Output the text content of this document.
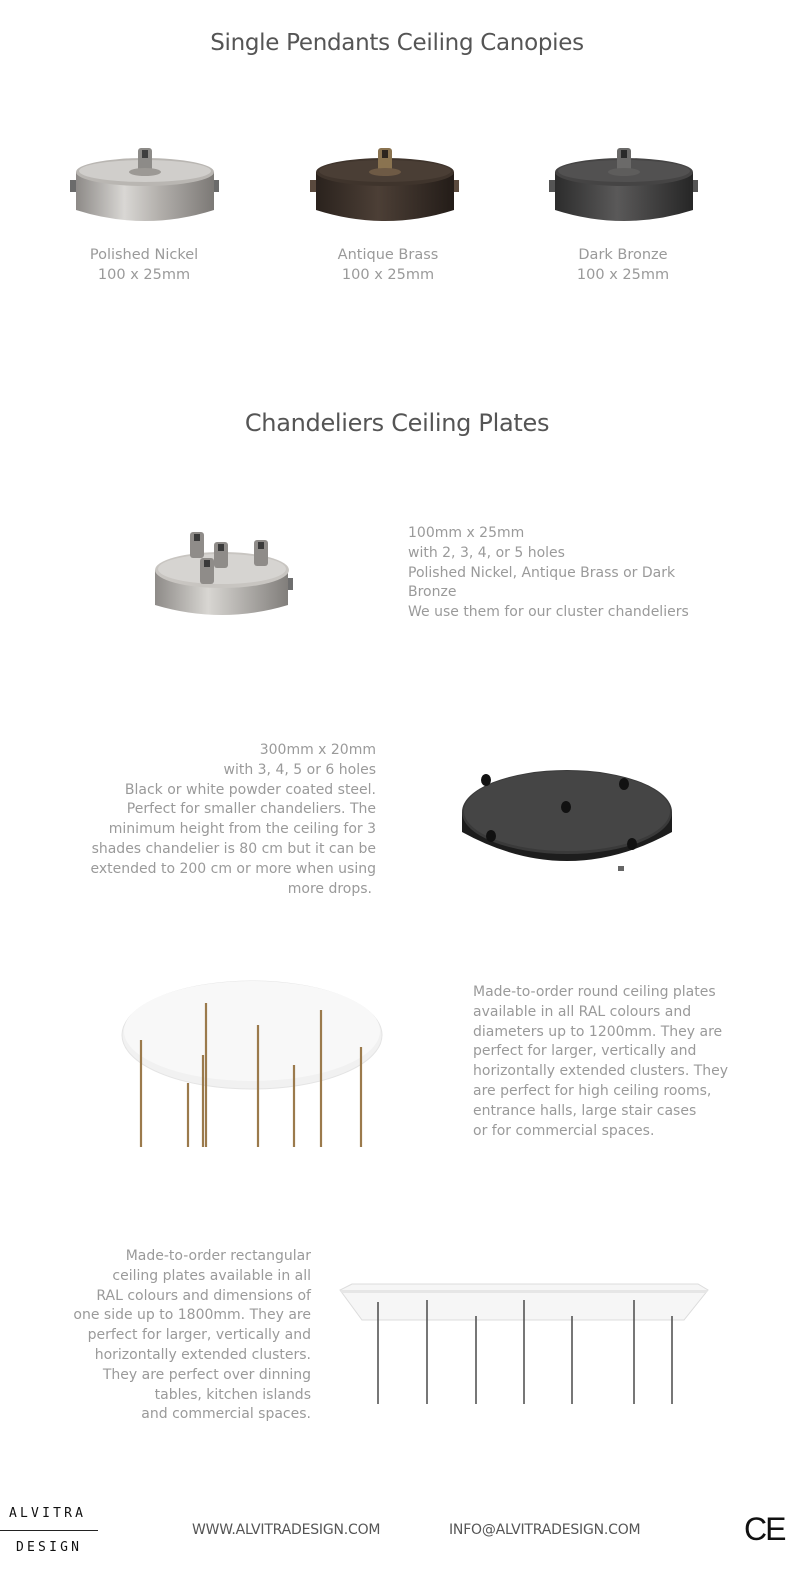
Single Pendants Ceiling Canopies
Polished Nickel
100 x 25mm
Antique Brass
100 x 25mm
Dark Bronze
100 x 25mm
Chandeliers Ceiling Plates
100mm x 25mm
with 2, 3, 4, or 5 holes
Polished Nickel, Antique Brass or Dark
Bronze
We use them for our cluster chandeliers
300mm x 20mm
with 3, 4, 5 or 6 holes
Black or white powder coated steel.
Perfect for smaller chandeliers. The
minimum height from the ceiling for 3
shades chandelier is 80 cm but it can be
extended to 200 cm or more when using
more drops.
Made-to-order round ceiling plates
available in all RAL colours and
diameters up to 1200mm. They are
perfect for larger, vertically and
horizontally extended clusters. They
are perfect for high ceiling rooms,
entrance halls, large stair cases
or for commercial spaces.
Made-to-order rectangular
ceiling plates available in all
RAL colours and dimensions of
one side up to 1800mm. They are
perfect for larger, vertically and
horizontally extended clusters.
They are perfect over dinning
tables, kitchen islands
and commercial spaces.
ALVITRA
DESIGN
WWW.ALVITRADESIGN.COM	INFO@ALVITRADESIGN.COM	CE
